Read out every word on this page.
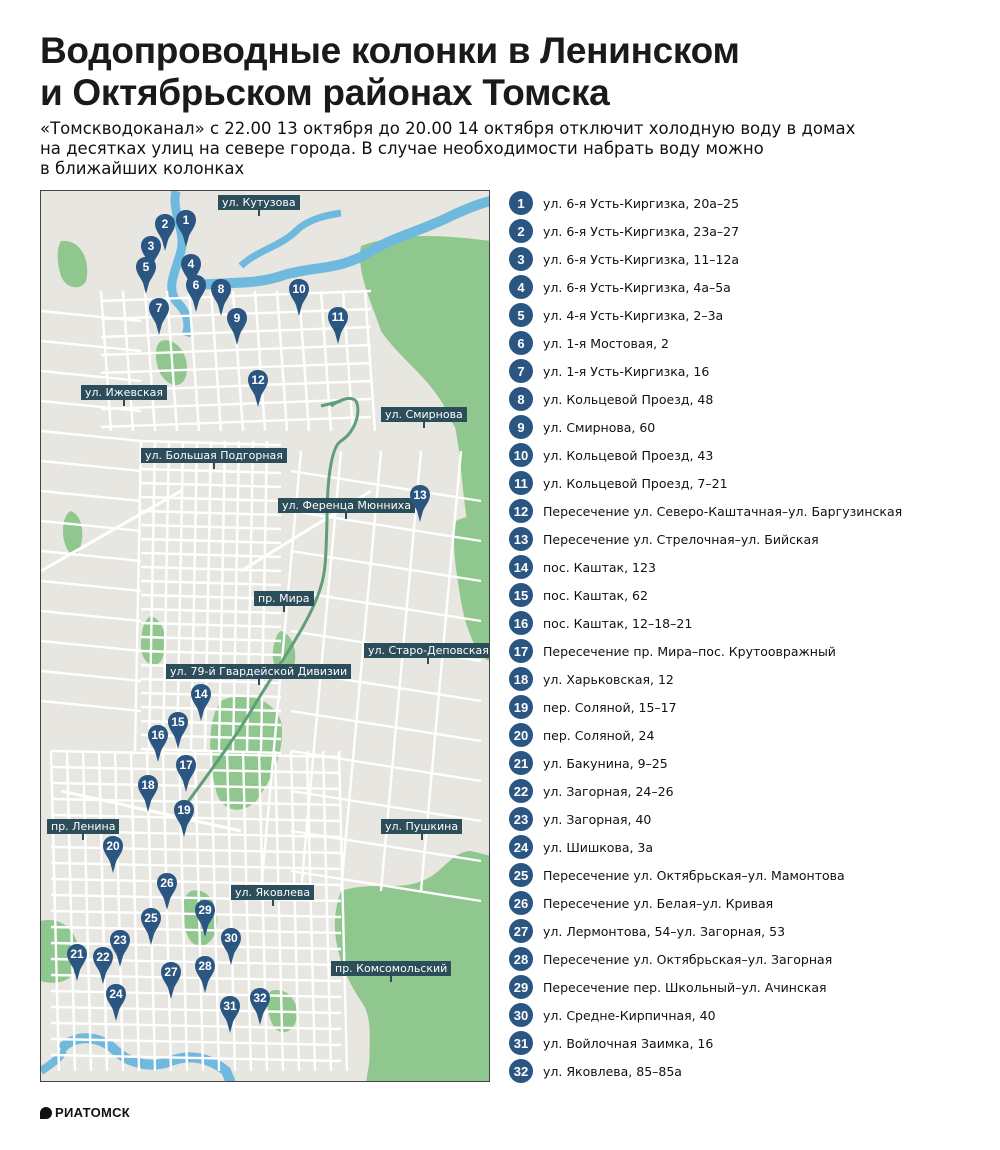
Водопроводные колонки в Ленинском
и Октябрьском районах Томска
«Томскводоканал» с 22.00 13 октября до 20.00 14 октября отключит холодную воду в домах
на десятках улиц на севере города. В случае необходимости набрать воду можно
в ближайших колонках
ул. Кутузова
ул. Ижевская
ул. Смирнова
ул. Большая Подгорная
ул. Ференца Мюнниха
пр. Мира
ул. Старо-Деповская
ул. 79-й Гвардейской Дивизии
пр. Ленина	ул. Пушкина
ул. Яковлева
пр. Комсомольский
1
2
3
4
5
6
7
8
9
10
11
12
13
14
15
16
17
18
19
20
21	22
23
24
25
26
27	28
29
30
31
32
1	ул. 6-я Усть-Киргизка, 20а–25
2	ул. 6-я Усть-Киргизка, 23а–27
3	ул. 6-я Усть-Киргизка, 11–12а
4	ул. 6-я Усть-Киргизка, 4а–5а
5	ул. 4-я Усть-Киргизка, 2–3а
6	ул. 1-я Мостовая, 2
7	ул. 1-я Усть-Киргизка, 16
8	ул. Кольцевой Проезд, 48
9	ул. Смирнова, 60
10	ул. Кольцевой Проезд, 43
11	ул. Кольцевой Проезд, 7–21
12	Пересечение ул. Северо-Каштачная–ул. Баргузинская
13	Пересечение ул. Стрелочная–ул. Бийская
14	пос. Каштак, 123
15	пос. Каштак, 62
16	пос. Каштак, 12–18–21
17	Пересечение пр. Мира–пос. Крутоовражный
18	ул. Харьковская, 12
19	пер. Соляной, 15–17
20	пер. Соляной, 24
21	ул. Бакунина, 9–25
22	ул. Загорная, 24–26
23	ул. Загорная, 40
24	ул. Шишкова, 3а
25	Пересечение ул. Октябрьская–ул. Мамонтова
26	Пересечение ул. Белая–ул. Кривая
27	ул. Лермонтова, 54–ул. Загорная, 53
28	Пересечение ул. Октябрьская–ул. Загорная
29	Пересечение пер. Школьный–ул. Ачинская
30	ул. Средне-Кирпичная, 40
31	ул. Войлочная Заимка, 16
32	ул. Яковлева, 85–85а
РИАТОМСК
